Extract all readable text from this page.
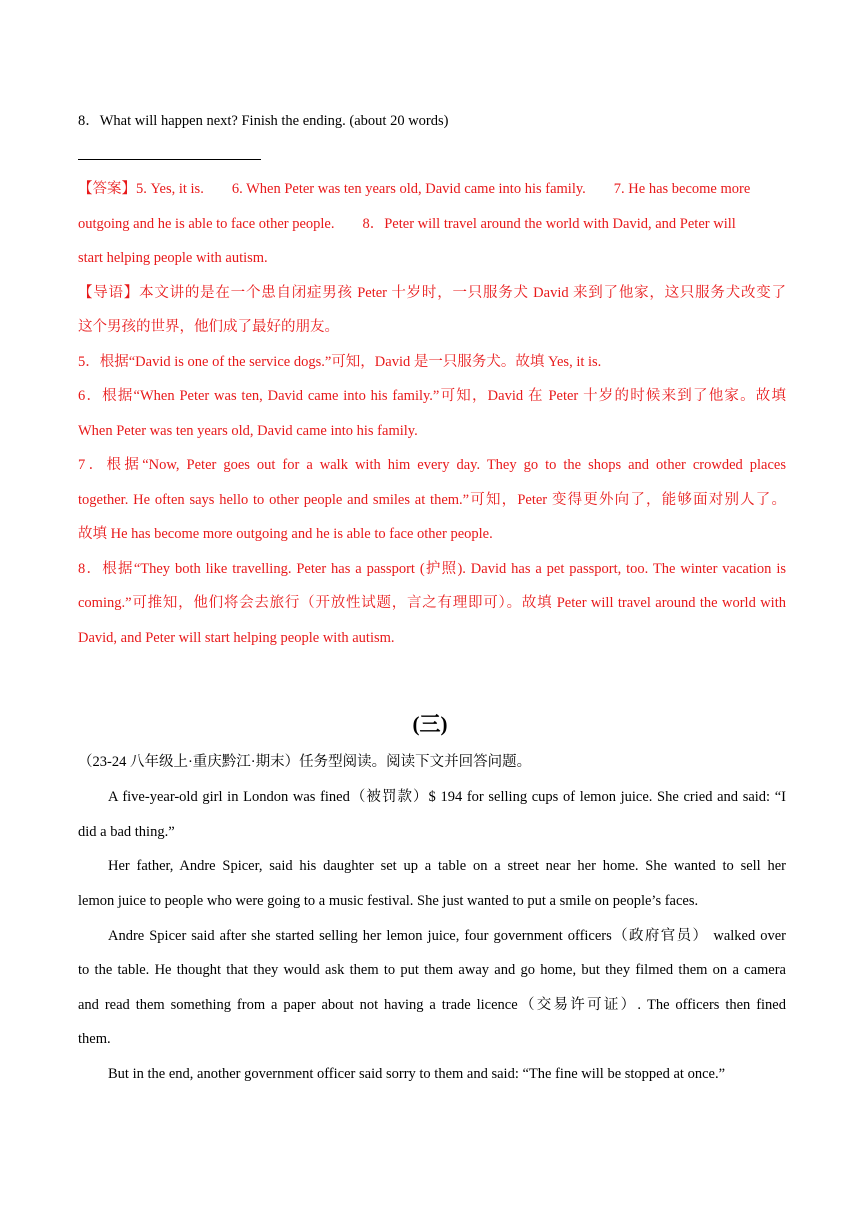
8．What will happen next? Finish the ending. (about 20 words)
【答案】5. Yes, it is. 6. When Peter was ten years old, David came into his family. 7. He has become more
outgoing and he is able to face other people. 8．Peter will travel around the world with David, and Peter will
start helping people with autism.
【导语】本文讲的是在一个患自闭症男孩 Peter 十岁时，一只服务犬 David 来到了他家，这只服务犬改变了
这个男孩的世界，他们成了最好的朋友。
5．根据“David is one of the service dogs.”可知，David 是一只服务犬。故填 Yes, it is.
6．根据“When Peter was ten, David came into his family.”可知，David 在 Peter 十岁的时候来到了他家。故填
When Peter was ten years old, David came into his family.
7．根据“Now, Peter goes out for a walk with him every day. They go to the shops and other crowded places
together. He often says hello to other people and smiles at them.”可知，Peter 变得更外向了，能够面对别人了。
故填 He has become more outgoing and he is able to face other people.
8．根据“They both like travelling. Peter has a passport (护照). David has a pet passport, too. The winter vacation is
coming.”可推知，他们将会去旅行（开放性试题，言之有理即可）。故填 Peter will travel around the world with
David, and Peter will start helping people with autism.
(三)
（23-24 八年级上·重庆黔江·期末）任务型阅读。阅读下文并回答问题。
A five-year-old girl in London was fined（被罚款）$ 194 for selling cups of lemon juice. She cried and said: “I
did a bad thing.”
Her father, Andre Spicer, said his daughter set up a table on a street near her home. She wanted to sell her
lemon juice to people who were going to a music festival. She just wanted to put a smile on people’s faces.
Andre Spicer said after she started selling her lemon juice, four government officers（政府官员） walked over
to the table. He thought that they would ask them to put them away and go home, but they filmed them on a camera
and read them something from a paper about not having a trade licence（交易许可证）. The officers then fined
them.
But in the end, another government officer said sorry to them and said: “The fine will be stopped at once.”
